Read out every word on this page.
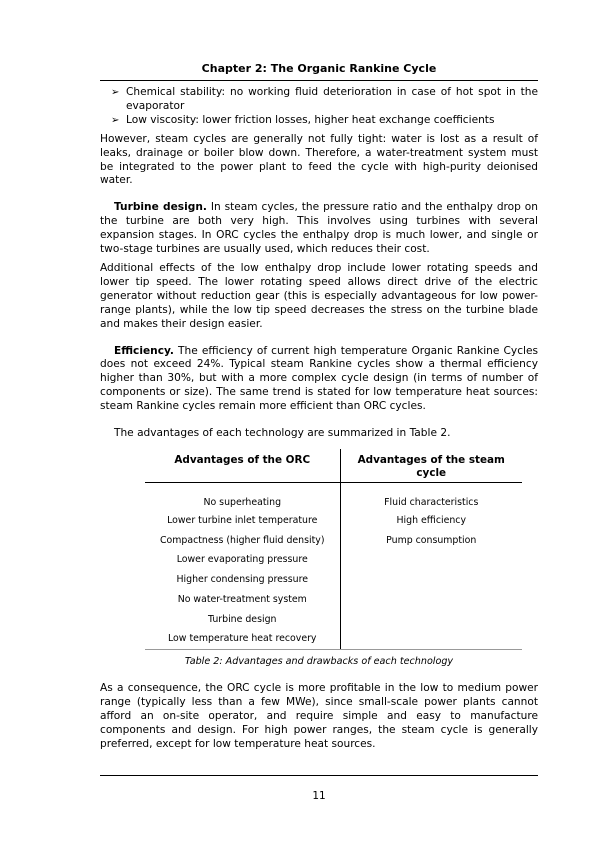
Chapter 2: The Organic Rankine Cycle
➢ Chemical stability: no working fluid deterioration in case of hot spot in the evaporator
➢ Low viscosity: lower friction losses, higher heat exchange coefficients

However, steam cycles are generally not fully tight: water is lost as a result of leaks, drainage or boiler blow down. Therefore, a water-treatment system must be integrated to the power plant to feed the cycle with high-purity deionised water.

Turbine design. In steam cycles, the pressure ratio and the enthalpy drop on the turbine are both very high. This involves using turbines with several expansion stages. In ORC cycles the enthalpy drop is much lower, and single or two-stage turbines are usually used, which reduces their cost.

Additional effects of the low enthalpy drop include lower rotating speeds and lower tip speed. The lower rotating speed allows direct drive of the electric generator without reduction gear (this is especially advantageous for low power-range plants), while the low tip speed decreases the stress on the turbine blade and makes their design easier.

Efficiency. The efficiency of current high temperature Organic Rankine Cycles does not exceed 24%. Typical steam Rankine cycles show a thermal efficiency higher than 30%, but with a more complex cycle design (in terms of number of components or size). The same trend is stated for low temperature heat sources: steam Rankine cycles remain more efficient than ORC cycles.

The advantages of each technology are summarized in Table 2.

Advantages of the ORC	Advantages of the steam cycle
No superheating	Fluid characteristics
Lower turbine inlet temperature	High efficiency
Compactness (higher fluid density)	Pump consumption
Lower evaporating pressure	
Higher condensing pressure	
No water-treatment system	
Turbine design	
Low temperature heat recovery	

Table 2: Advantages and drawbacks of each technology

As a consequence, the ORC cycle is more profitable in the low to medium power range (typically less than a few MWe), since small-scale power plants cannot afford an on-site operator, and require simple and easy to manufacture components and design. For high power ranges, the steam cycle is generally preferred, except for low temperature heat sources.

11
